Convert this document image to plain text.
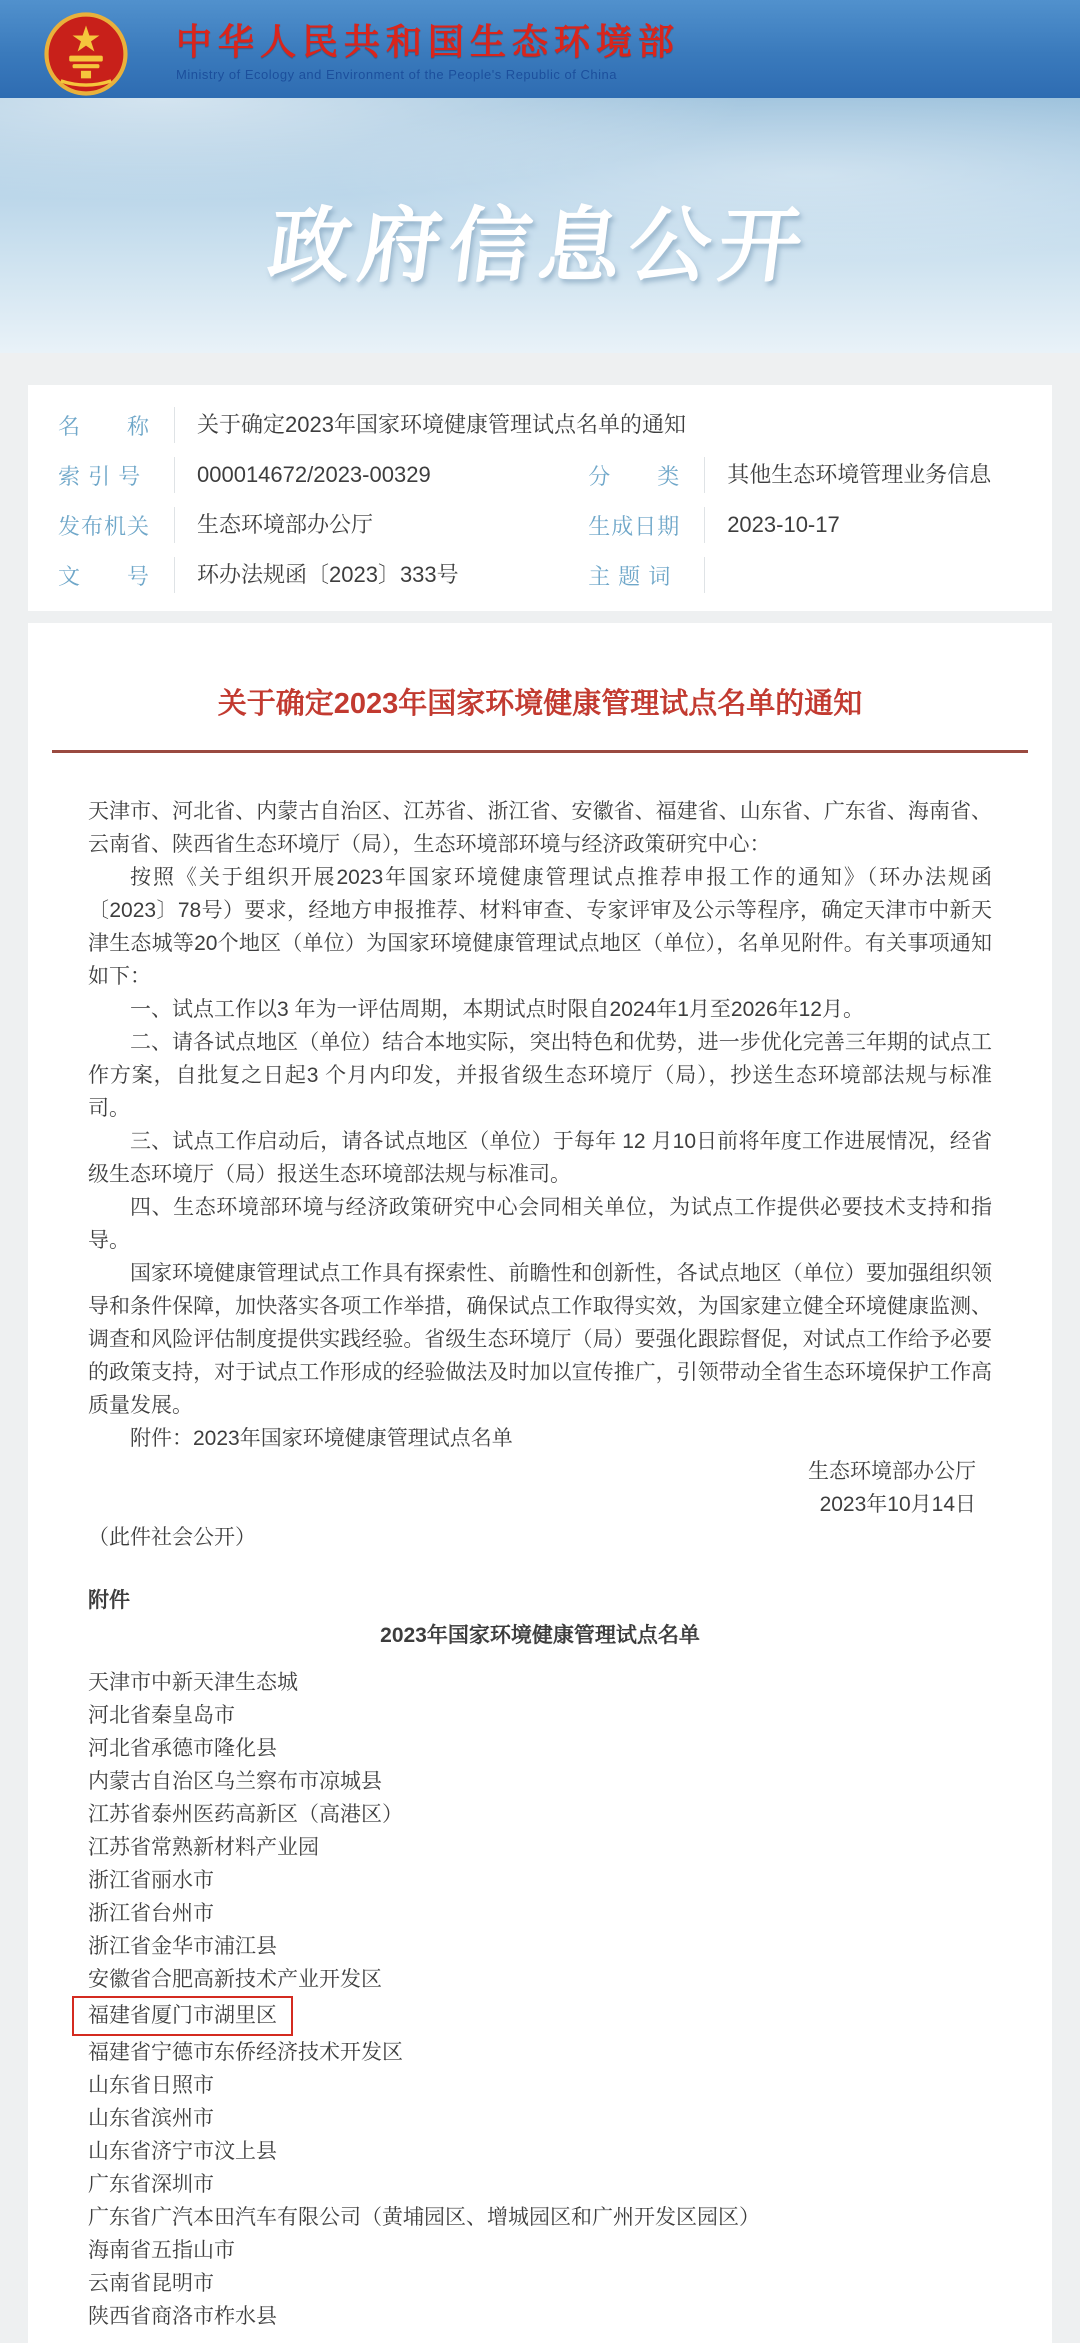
中华人民共和国生态环境部
Ministry of Ecology and Environment of the People's Republic of China
政府信息公开
名　　称	关于确定2023年国家环境健康管理试点名单的通知
索 引 号	000014672/2023-00329	分　　类	其他生态环境管理业务信息
发布机关	生态环境部办公厅	生成日期	2023-10-17
文　　号	环办法规函〔2023〕333号	主 题 词
关于确定2023年国家环境健康管理试点名单的通知

天津市、河北省、内蒙古自治区、江苏省、浙江省、安徽省、福建省、山东省、广东省、海南省、云南省、陕西省生态环境厅（局），生态环境部环境与经济政策研究中心：

按照《关于组织开展2023年国家环境健康管理试点推荐申报工作的通知》（环办法规函〔2023〕78号）要求，经地方申报推荐、材料审查、专家评审及公示等程序，确定天津市中新天津生态城等20个地区（单位）为国家环境健康管理试点地区（单位），名单见附件。有关事项通知如下：

一、试点工作以3 年为一评估周期，本期试点时限自2024年1月至2026年12月。

二、请各试点地区（单位）结合本地实际，突出特色和优势，进一步优化完善三年期的试点工作方案，自批复之日起3 个月内印发，并报省级生态环境厅（局），抄送生态环境部法规与标准司。

三、试点工作启动后，请各试点地区（单位）于每年 12 月10日前将年度工作进展情况，经省级生态环境厅（局）报送生态环境部法规与标准司。

四、生态环境部环境与经济政策研究中心会同相关单位，为试点工作提供必要技术支持和指导。

国家环境健康管理试点工作具有探索性、前瞻性和创新性，各试点地区（单位）要加强组织领导和条件保障，加快落实各项工作举措，确保试点工作取得实效，为国家建立健全环境健康监测、调查和风险评估制度提供实践经验。省级生态环境厅（局）要强化跟踪督促，对试点工作给予必要的政策支持，对于试点工作形成的经验做法及时加以宣传推广，引领带动全省生态环境保护工作高质量发展。

附件：2023年国家环境健康管理试点名单

生态环境部办公厅

2023年10月14日

（此件社会公开）

附件
2023年国家环境健康管理试点名单
天津市中新天津生态城
河北省秦皇岛市
河北省承德市隆化县
内蒙古自治区乌兰察布市凉城县
江苏省泰州医药高新区（高港区）
江苏省常熟新材料产业园
浙江省丽水市
浙江省台州市
浙江省金华市浦江县
安徽省合肥高新技术产业开发区
福建省厦门市湖里区
福建省宁德市东侨经济技术开发区
山东省日照市
山东省滨州市
山东省济宁市汶上县
广东省深圳市
广东省广汽本田汽车有限公司（黄埔园区、增城园区和广州开发区园区）
海南省五指山市
云南省昆明市
陕西省商洛市柞水县
